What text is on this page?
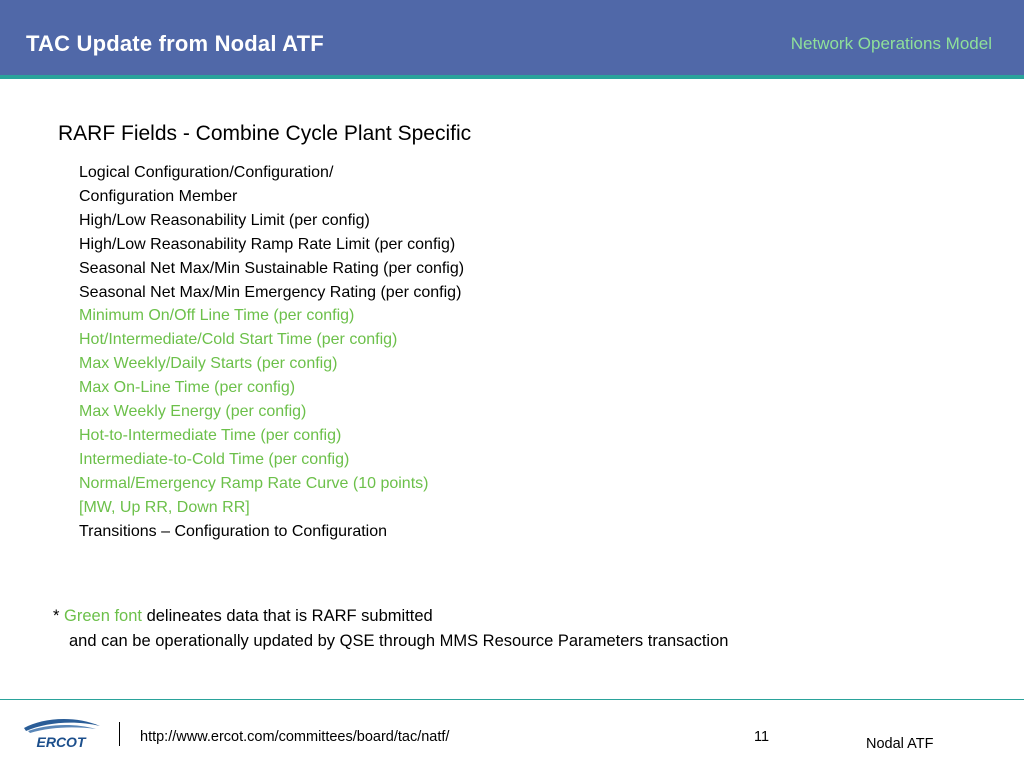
TAC Update from Nodal ATF	Network Operations Model
RARF Fields - Combine Cycle Plant Specific
Logical Configuration/Configuration/
Configuration Member
High/Low Reasonability Limit (per config)
High/Low Reasonability Ramp Rate Limit (per config)
Seasonal Net Max/Min Sustainable Rating (per config)
Seasonal Net Max/Min Emergency Rating (per config)
Minimum On/Off Line Time (per config)
Hot/Intermediate/Cold Start Time (per config)
Max Weekly/Daily Starts (per config)
Max On-Line Time (per config)
Max Weekly Energy (per config)
Hot-to-Intermediate Time (per config)
Intermediate-to-Cold Time (per config)
Normal/Emergency Ramp Rate Curve (10 points)
[MW, Up RR, Down RR]
Transitions – Configuration to Configuration
* Green font delineates data that is RARF submitted
and can be operationally updated by QSE through MMS Resource Parameters transaction
ERCOT	http://www.ercot.com/committees/board/tac/natf/	11	Nodal ATF
